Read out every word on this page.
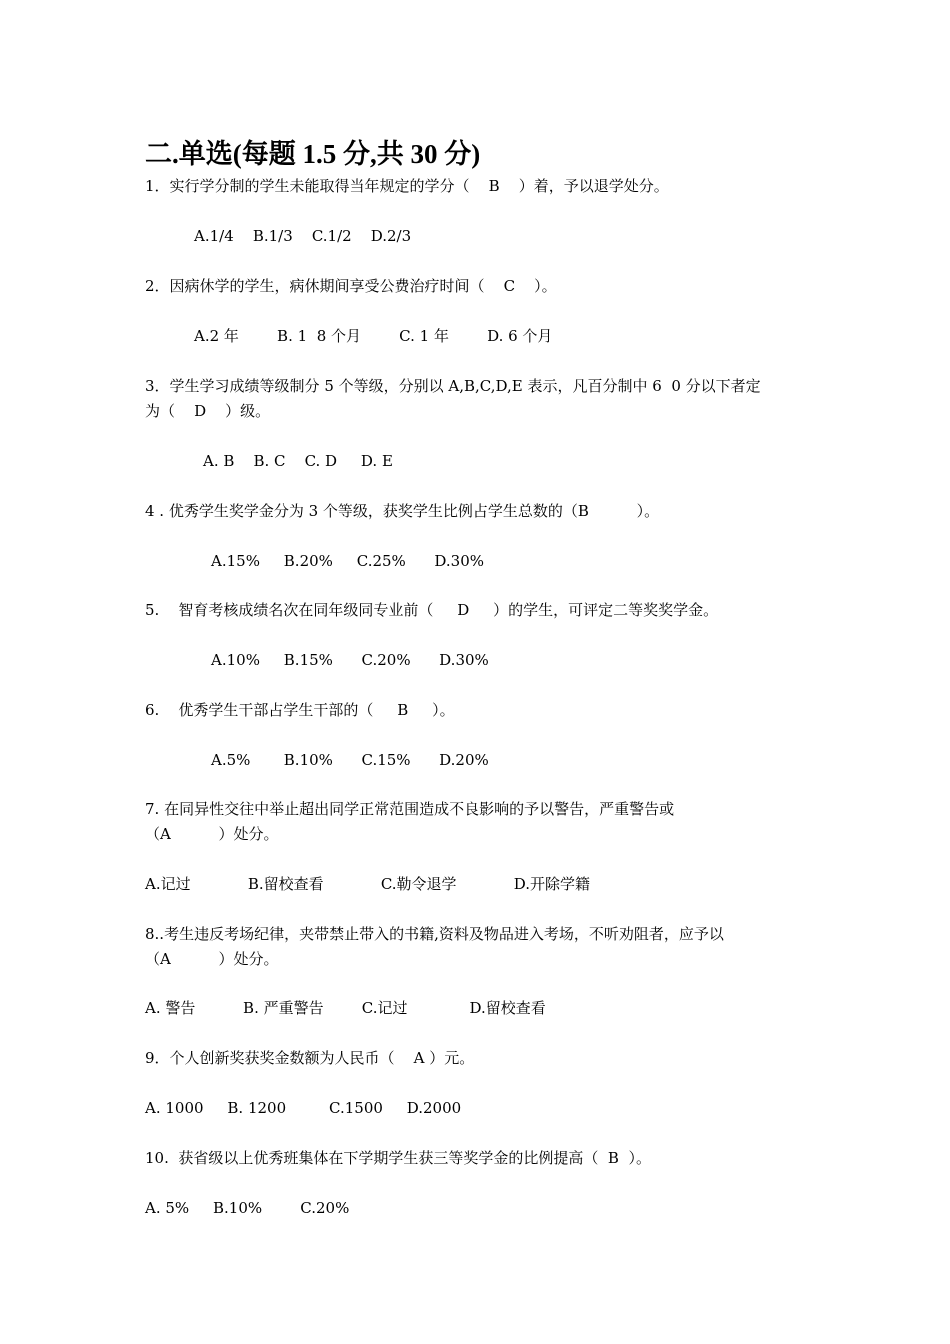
二.单选(每题 1.5 分,共 30 分)
1．实行学分制的学生未能取得当年规定的学分（    B    ）着，予以退学处分。
A.1/4    B.1/3    C.1/2    D.2/3
2．因病休学的学生，病休期间享受公费治疗时间（    C    ）。
A.2 年        B. 1  8 个月        C. 1 年        D. 6 个月
3．学生学习成绩等级制分 5 个等级，分别以 A,B,C,D,E 表示，凡百分制中 6  0 分以下者定
为（    D    ）级。
A. B    B. C    C. D     D. E
4 . 优秀学生奖学金分为 3 个等级，获奖学生比例占学生总数的（B          ）。
A.15%     B.20%     C.25%      D.30%
5.    智育考核成绩名次在同年级同专业前（     D     ）的学生，可评定二等奖奖学金。
A.10%     B.15%      C.20%      D.30%
6.    优秀学生干部占学生干部的（     B     ）。
A.5%       B.10%      C.15%      D.20%
7. 在同异性交往中举止超出同学正常范围造成不良影响的予以警告，严重警告或
（A          ）处分。
A.记过            B.留校查看            C.勒令退学            D.开除学籍
8..考生违反考场纪律，夹带禁止带入的书籍,资料及物品进入考场，不听劝阻者，应予以
（A          ）处分。
A. 警告          B. 严重警告        C.记过             D.留校查看
9．个人创新奖获奖金数额为人民币（    A ）元。
A. 1000     B. 1200         C.1500     D.2000
10.  获省级以上优秀班集体在下学期学生获三等奖学金的比例提高（  B  ）。
A. 5%     B.10%        C.20%
